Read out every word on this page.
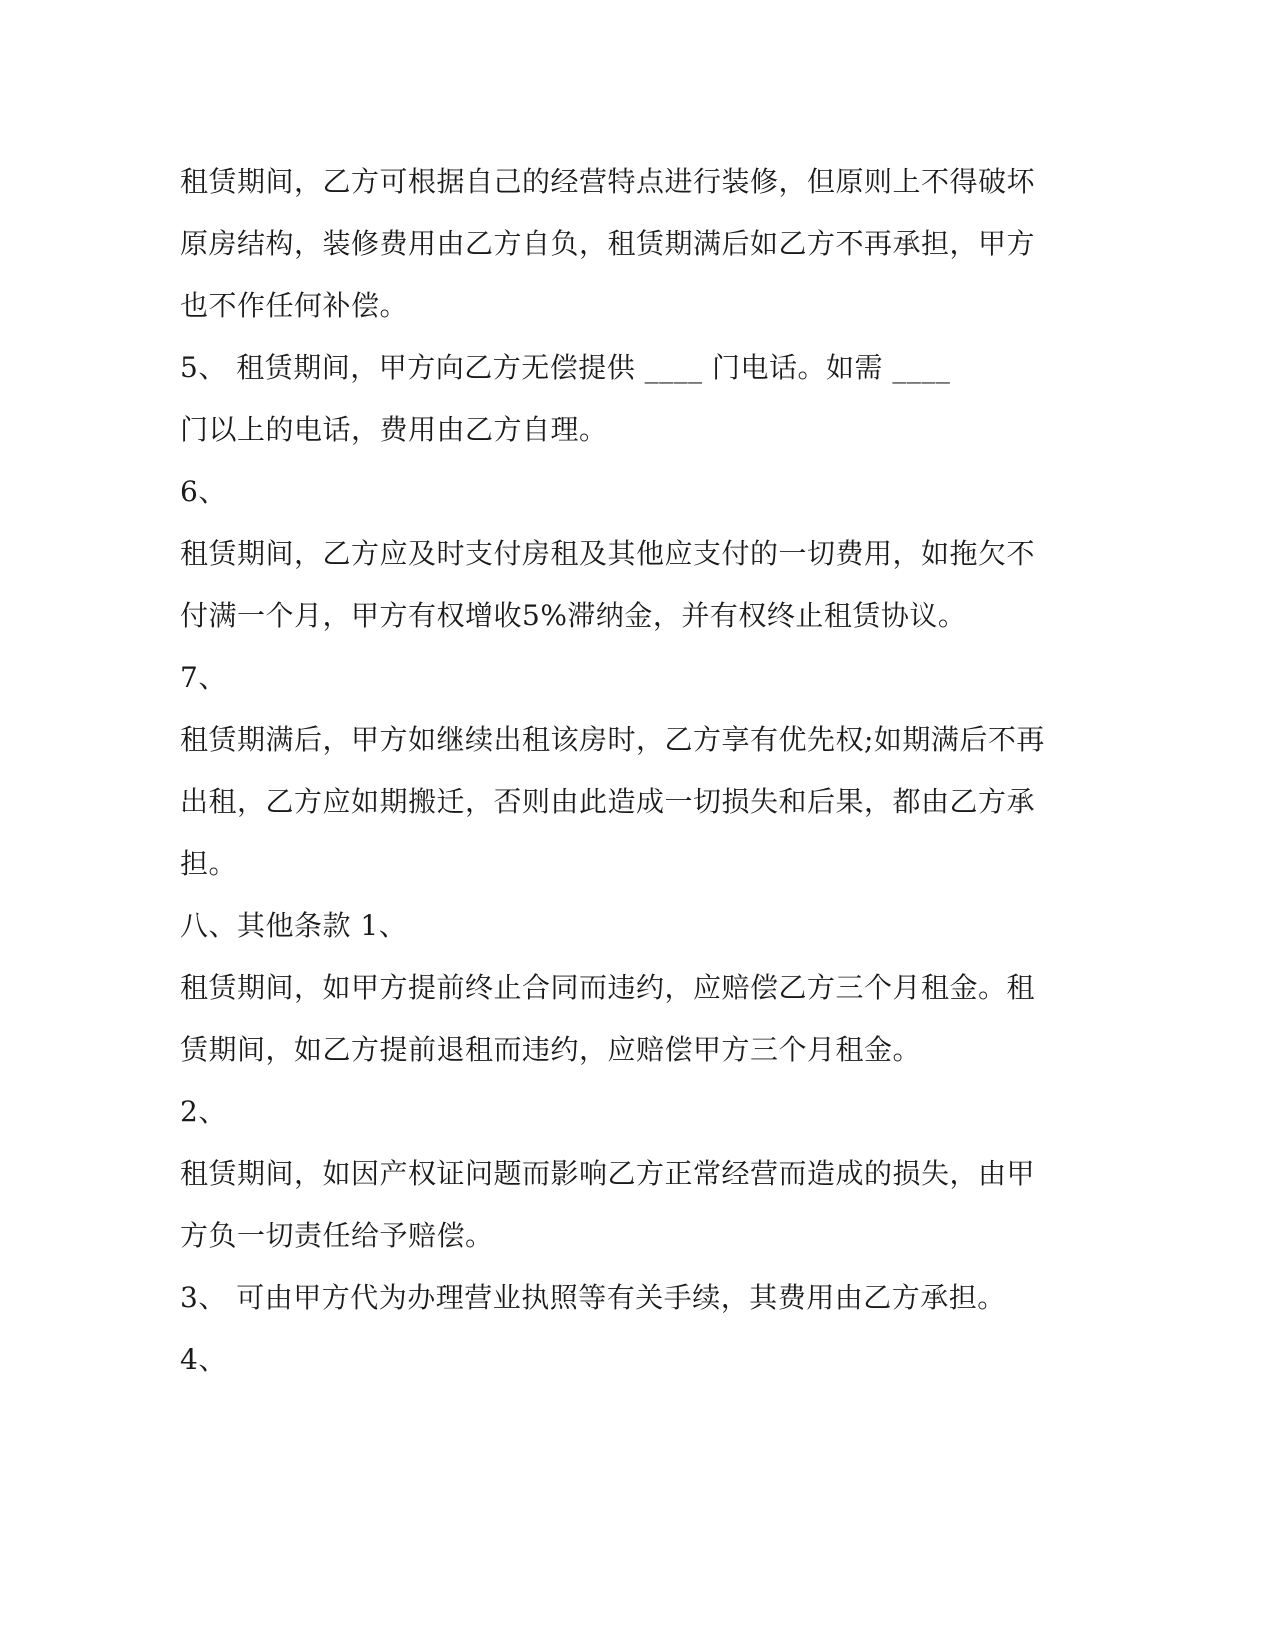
租赁期间，乙方可根据自己的经营特点进行装修，但原则上不得破坏
原房结构，装修费用由乙方自负，租赁期满后如乙方不再承担，甲方
也不作任何补偿。
5、 租赁期间，甲方向乙方无偿提供 ____ 门电话。如需 ____
门以上的电话，费用由乙方自理。
6、
租赁期间，乙方应及时支付房租及其他应支付的一切费用，如拖欠不
付满一个月，甲方有权增收5%滞纳金，并有权终止租赁协议。
7、
租赁期满后，甲方如继续出租该房时，乙方享有优先权;如期满后不再
出租，乙方应如期搬迁，否则由此造成一切损失和后果，都由乙方承
担。
八、其他条款 1、
租赁期间，如甲方提前终止合同而违约，应赔偿乙方三个月租金。租
赁期间，如乙方提前退租而违约，应赔偿甲方三个月租金。
2、
租赁期间，如因产权证问题而影响乙方正常经营而造成的损失，由甲
方负一切责任给予赔偿。
3、 可由甲方代为办理营业执照等有关手续，其费用由乙方承担。
4、
